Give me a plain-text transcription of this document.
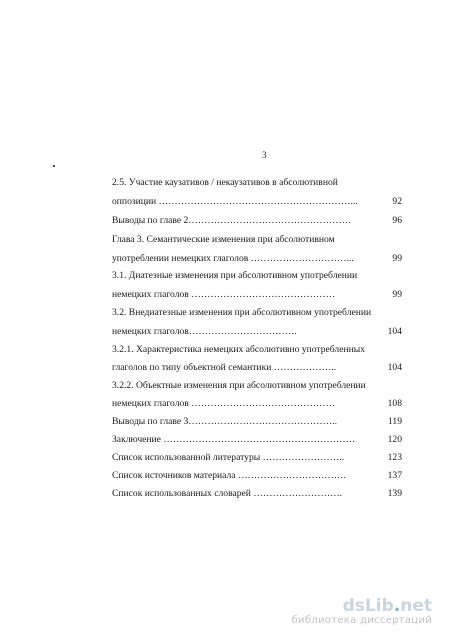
3
2.5. Участие каузативов / некаузативов в абсолютивной
оппозиции ……………………………………………………...	92
Выводы по главе 2……………………………………………	96
Глава 3. Семантические изменения при абсолютивном
употреблении немецких глаголов …………………………...	99
3.1. Диатезные изменения при абсолютивном употреблении
немецких глаголов ………………………………………	99
3.2. Внедиатезные изменения при абсолютивном употреблении
немецких глаголов…………………………….	104
3.2.1. Характеристика немецких абсолютивно употребленных
глаголов по типу объектной семантики ………………..	104
3.2.2. Объектные изменения при абсолютивном употреблении
немецких глаголов ………………………………………	108
Выводы по главе 3………………………………………..	119
Заключение ……………………………………………………	120
Список использованной литературы ……………………..	123
Список источников материала …………………………….	137
Список использованных словарей ……………………….	139
dsLib.net
библиотека диссертаций
